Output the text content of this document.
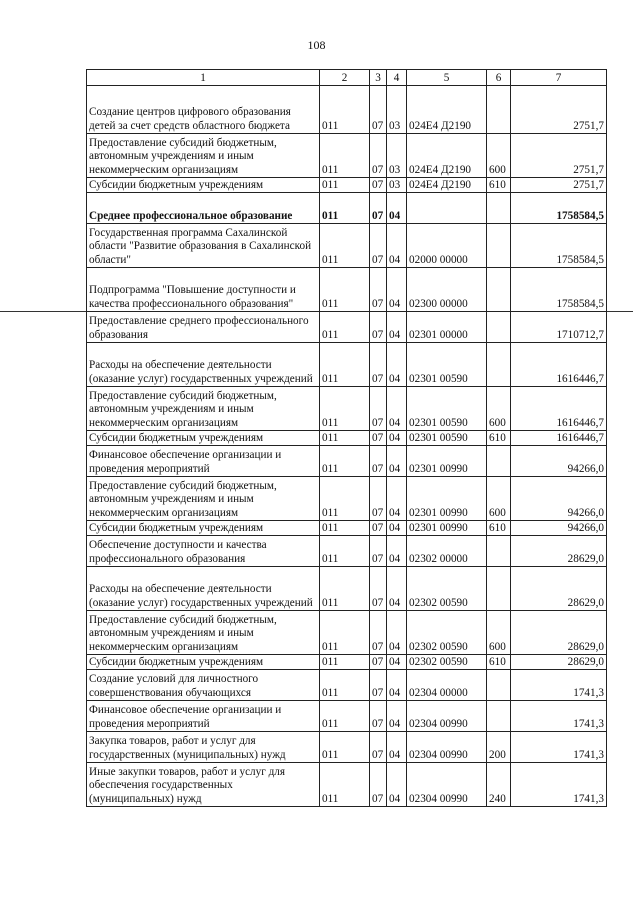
108
1	2	3	4	5	6	7
Создание центров цифрового образования детей за счет средств областного бюджета	011	07	03	024E4 Д2190		2751,7
Предоставление субсидий бюджетным, автономным учреждениям и иным некоммерческим организациям	011	07	03	024E4 Д2190	600	2751,7
Субсидии бюджетным учреждениям	011	07	03	024E4 Д2190	610	2751,7
Среднее профессиональное образование	011	07	04			1758584,5
Государственная программа Сахалинской области "Развитие образования в Сахалинской области"	011	07	04	02000 00000		1758584,5
Подпрограмма "Повышение доступности и качества профессионального образования"	011	07	04	02300 00000		1758584,5
Предоставление среднего профессионального образования	011	07	04	02301 00000		1710712,7
Расходы на обеспечение деятельности (оказание услуг) государственных учреждений	011	07	04	02301 00590		1616446,7
Предоставление субсидий бюджетным, автономным учреждениям и иным некоммерческим организациям	011	07	04	02301 00590	600	1616446,7
Субсидии бюджетным учреждениям	011	07	04	02301 00590	610	1616446,7
Финансовое обеспечение организации и проведения мероприятий	011	07	04	02301 00990		94266,0
Предоставление субсидий бюджетным, автономным учреждениям и иным некоммерческим организациям	011	07	04	02301 00990	600	94266,0
Субсидии бюджетным учреждениям	011	07	04	02301 00990	610	94266,0
Обеспечение доступности и качества профессионального образования	011	07	04	02302 00000		28629,0
Расходы на обеспечение деятельности (оказание услуг) государственных учреждений	011	07	04	02302 00590		28629,0
Предоставление субсидий бюджетным, автономным учреждениям и иным некоммерческим организациям	011	07	04	02302 00590	600	28629,0
Субсидии бюджетным учреждениям	011	07	04	02302 00590	610	28629,0
Создание условий для личностного совершенствования обучающихся	011	07	04	02304 00000		1741,3
Финансовое обеспечение организации и проведения мероприятий	011	07	04	02304 00990		1741,3
Закупка товаров, работ и услуг для государственных (муниципальных) нужд	011	07	04	02304 00990	200	1741,3
Иные закупки товаров, работ и услуг для обеспечения государственных (муниципальных) нужд	011	07	04	02304 00990	240	1741,3
